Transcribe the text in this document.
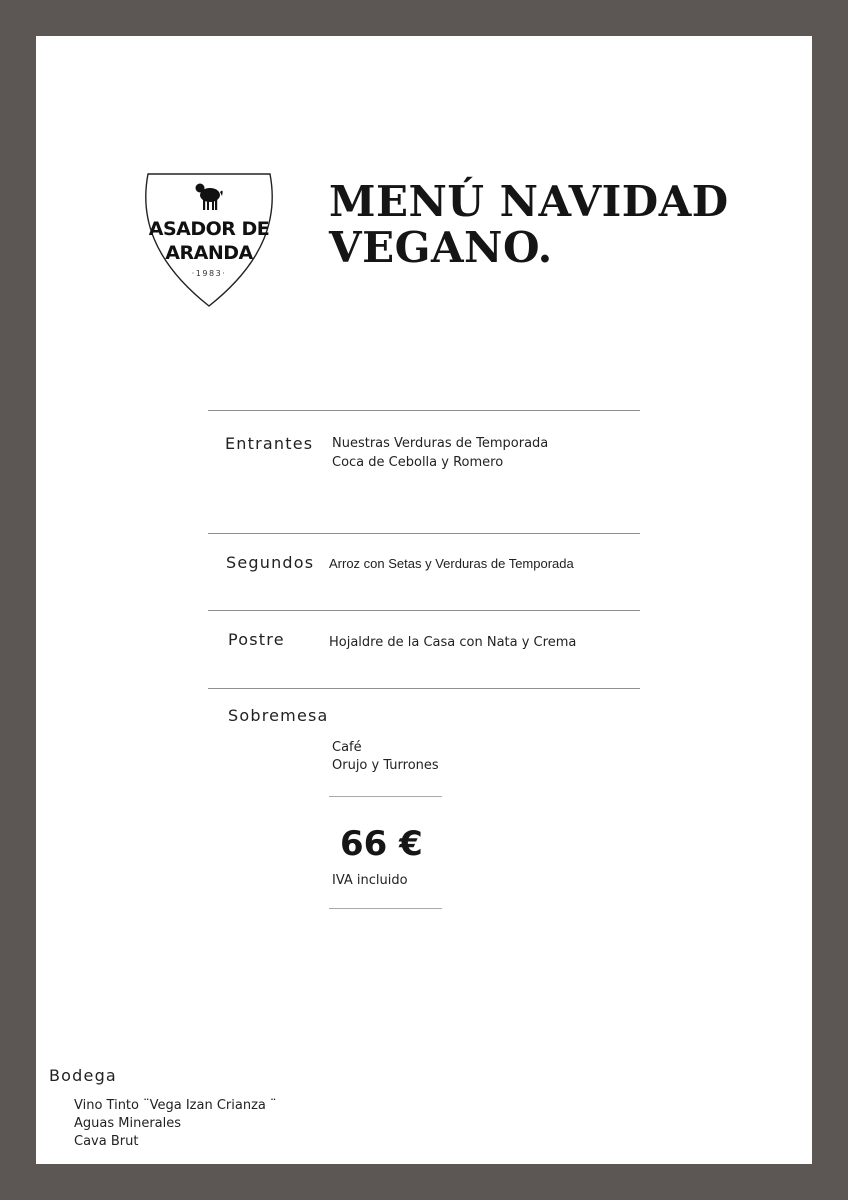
ASADOR DE
ARANDA
·1983·
MENÚ NAVIDAD
VEGANO.
Entrantes Nuestras Verduras de Temporada
Coca de Cebolla y Romero
Segundos Arroz con Setas y Verduras de Temporada
Postre	Hojaldre de la Casa con Nata y Crema
Sobremesa
Café
Orujo y Turrones
66 €
IVA incluido
Bodega
Vino Tinto ¨Vega Izan Crianza ¨
Aguas Minerales
Cava Brut
